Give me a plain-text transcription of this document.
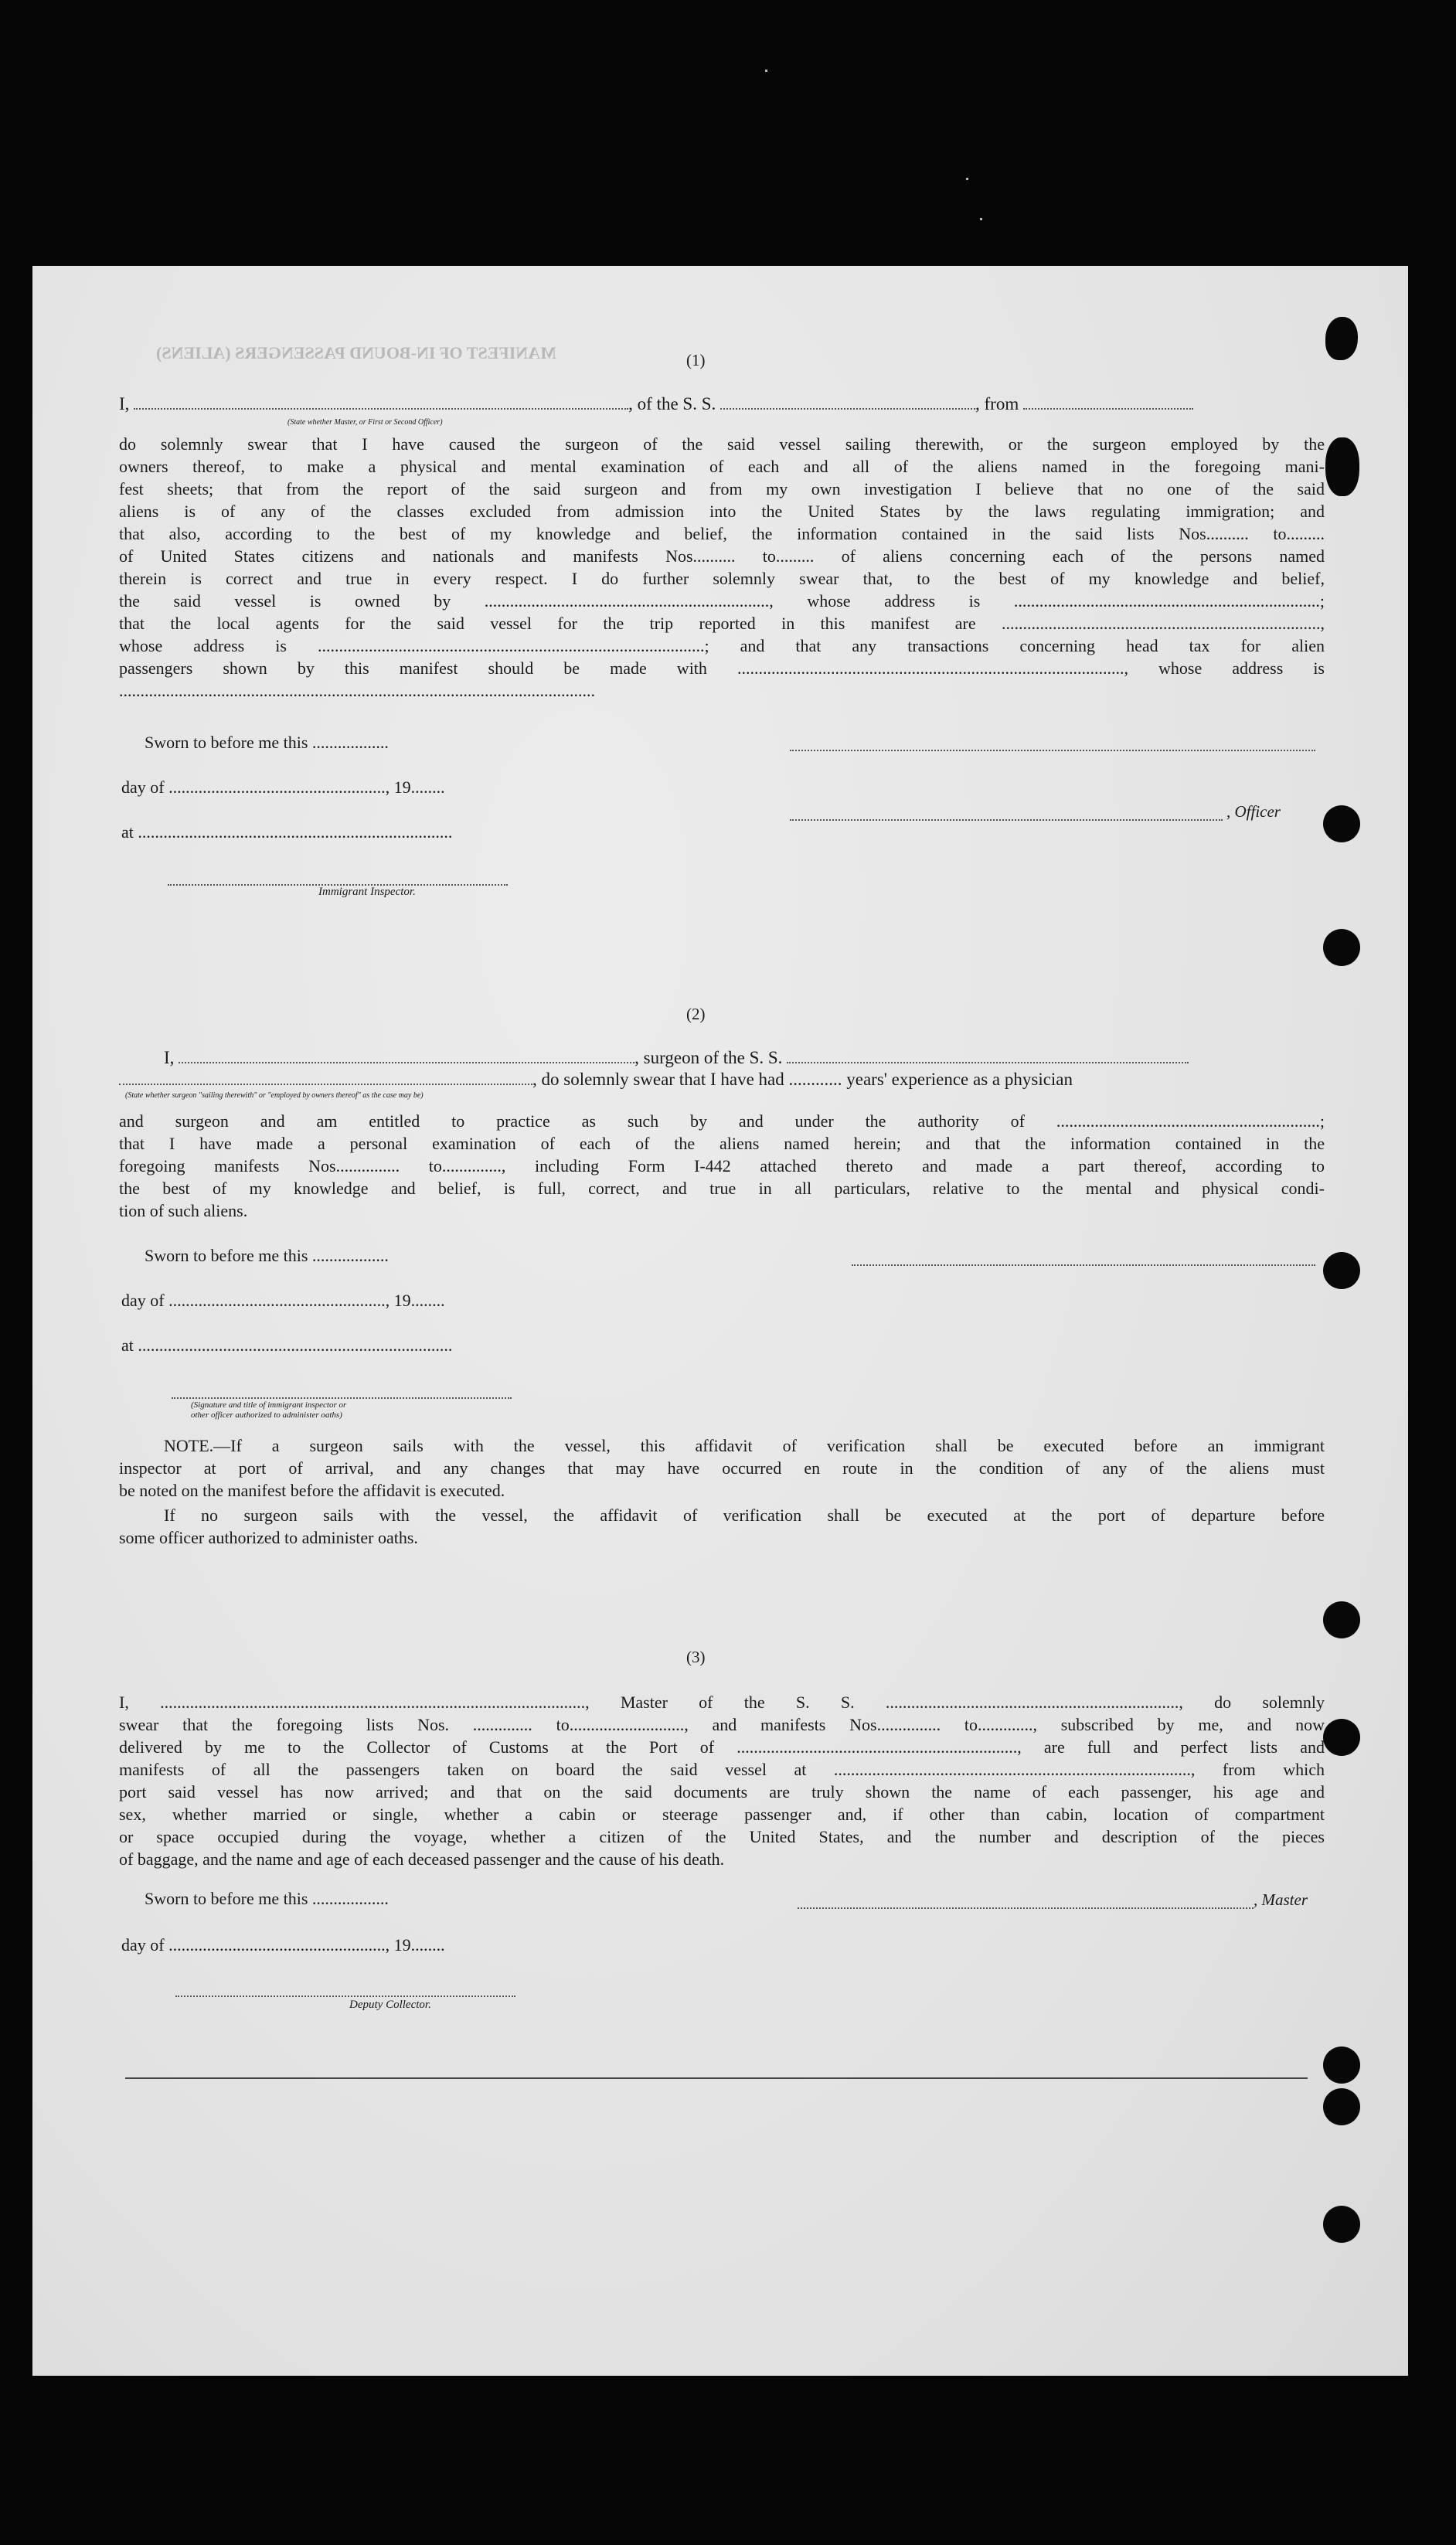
MANIFEST OF IN-BOUND PASSENGERS (ALIENS)	(1)
I,	, of the S. S.	, from
(State whether Master, or First or Second Officer)
do solemnly swear that I have caused the surgeon of the said vessel sailing therewith, or the surgeon employed by the
owners thereof, to make a physical and mental examination of each and all of the aliens named in the foregoing mani-
fest sheets; that from the report of the said surgeon and from my own investigation I believe that no one of the said
aliens is of any of the classes excluded from admission into the United States by the laws regulating immigration; and
that also, according to the best of my knowledge and belief, the information contained in the said lists Nos.......... to.........
of United States citizens and nationals and manifests Nos.......... to......... of aliens concerning each of the persons named
therein is correct and true in every respect. I do further solemnly swear that, to the best of my knowledge and belief,
the said vessel is owned by ..................................................................., whose address is ........................................................................;
that the local agents for the said vessel for the trip reported in this manifest are ...........................................................................,
whose address is ...........................................................................................; and that any transactions concerning head tax for alien
passengers shown by this manifest should be made with ..........................................................................................., whose address is
................................................................................................................
Sworn to before me this ..................
day of ..................................................., 19........
, Officer
at ..........................................................................
Immigrant Inspector.
(2)
I,	, surgeon of the S. S.
, do solemnly swear that I have had ............ years' experience as a physician
(State whether surgeon "sailing therewith" or "employed by owners thereof" as the case may be)
and surgeon and am entitled to practice as such by and under the authority of ..............................................................;
that I have made a personal examination of each of the aliens named herein; and that the information contained in the
foregoing manifests Nos............... to.............., including Form I-442 attached thereto and made a part thereof, according to
the best of my knowledge and belief, is full, correct, and true in all particulars, relative to the mental and physical condi-
tion of such aliens.
Sworn to before me this ..................
day of ..................................................., 19........
at ..........................................................................
(Signature and title of immigrant inspector or
other officer authorized to administer oaths)
NOTE.—If a surgeon sails with the vessel, this affidavit of verification shall be executed before an immigrant
inspector at port of arrival, and any changes that may have occurred en route in the condition of any of the aliens must
be noted on the manifest before the affidavit is executed.
If no surgeon sails with the vessel, the affidavit of verification shall be executed at the port of departure before
some officer authorized to administer oaths.
(3)
I, ...................................................................................................., Master of the S. S. ....................................................................., do solemnly
swear that the foregoing lists Nos. .............. to..........................., and manifests Nos............... to............., subscribed by me, and now
delivered by me to the Collector of Customs at the Port of .................................................................., are full and perfect lists and
manifests of all the passengers taken on board the said vessel at ...................................................................................., from which
port said vessel has now arrived; and that on the said documents are truly shown the name of each passenger, his age and
sex, whether married or single, whether a cabin or steerage passenger and, if other than cabin, location of compartment
or space occupied during the voyage, whether a citizen of the United States, and the number and description of the pieces
of baggage, and the name and age of each deceased passenger and the cause of his death.
Sworn to before me this ..................	, Master
day of ..................................................., 19........
Deputy Collector.
